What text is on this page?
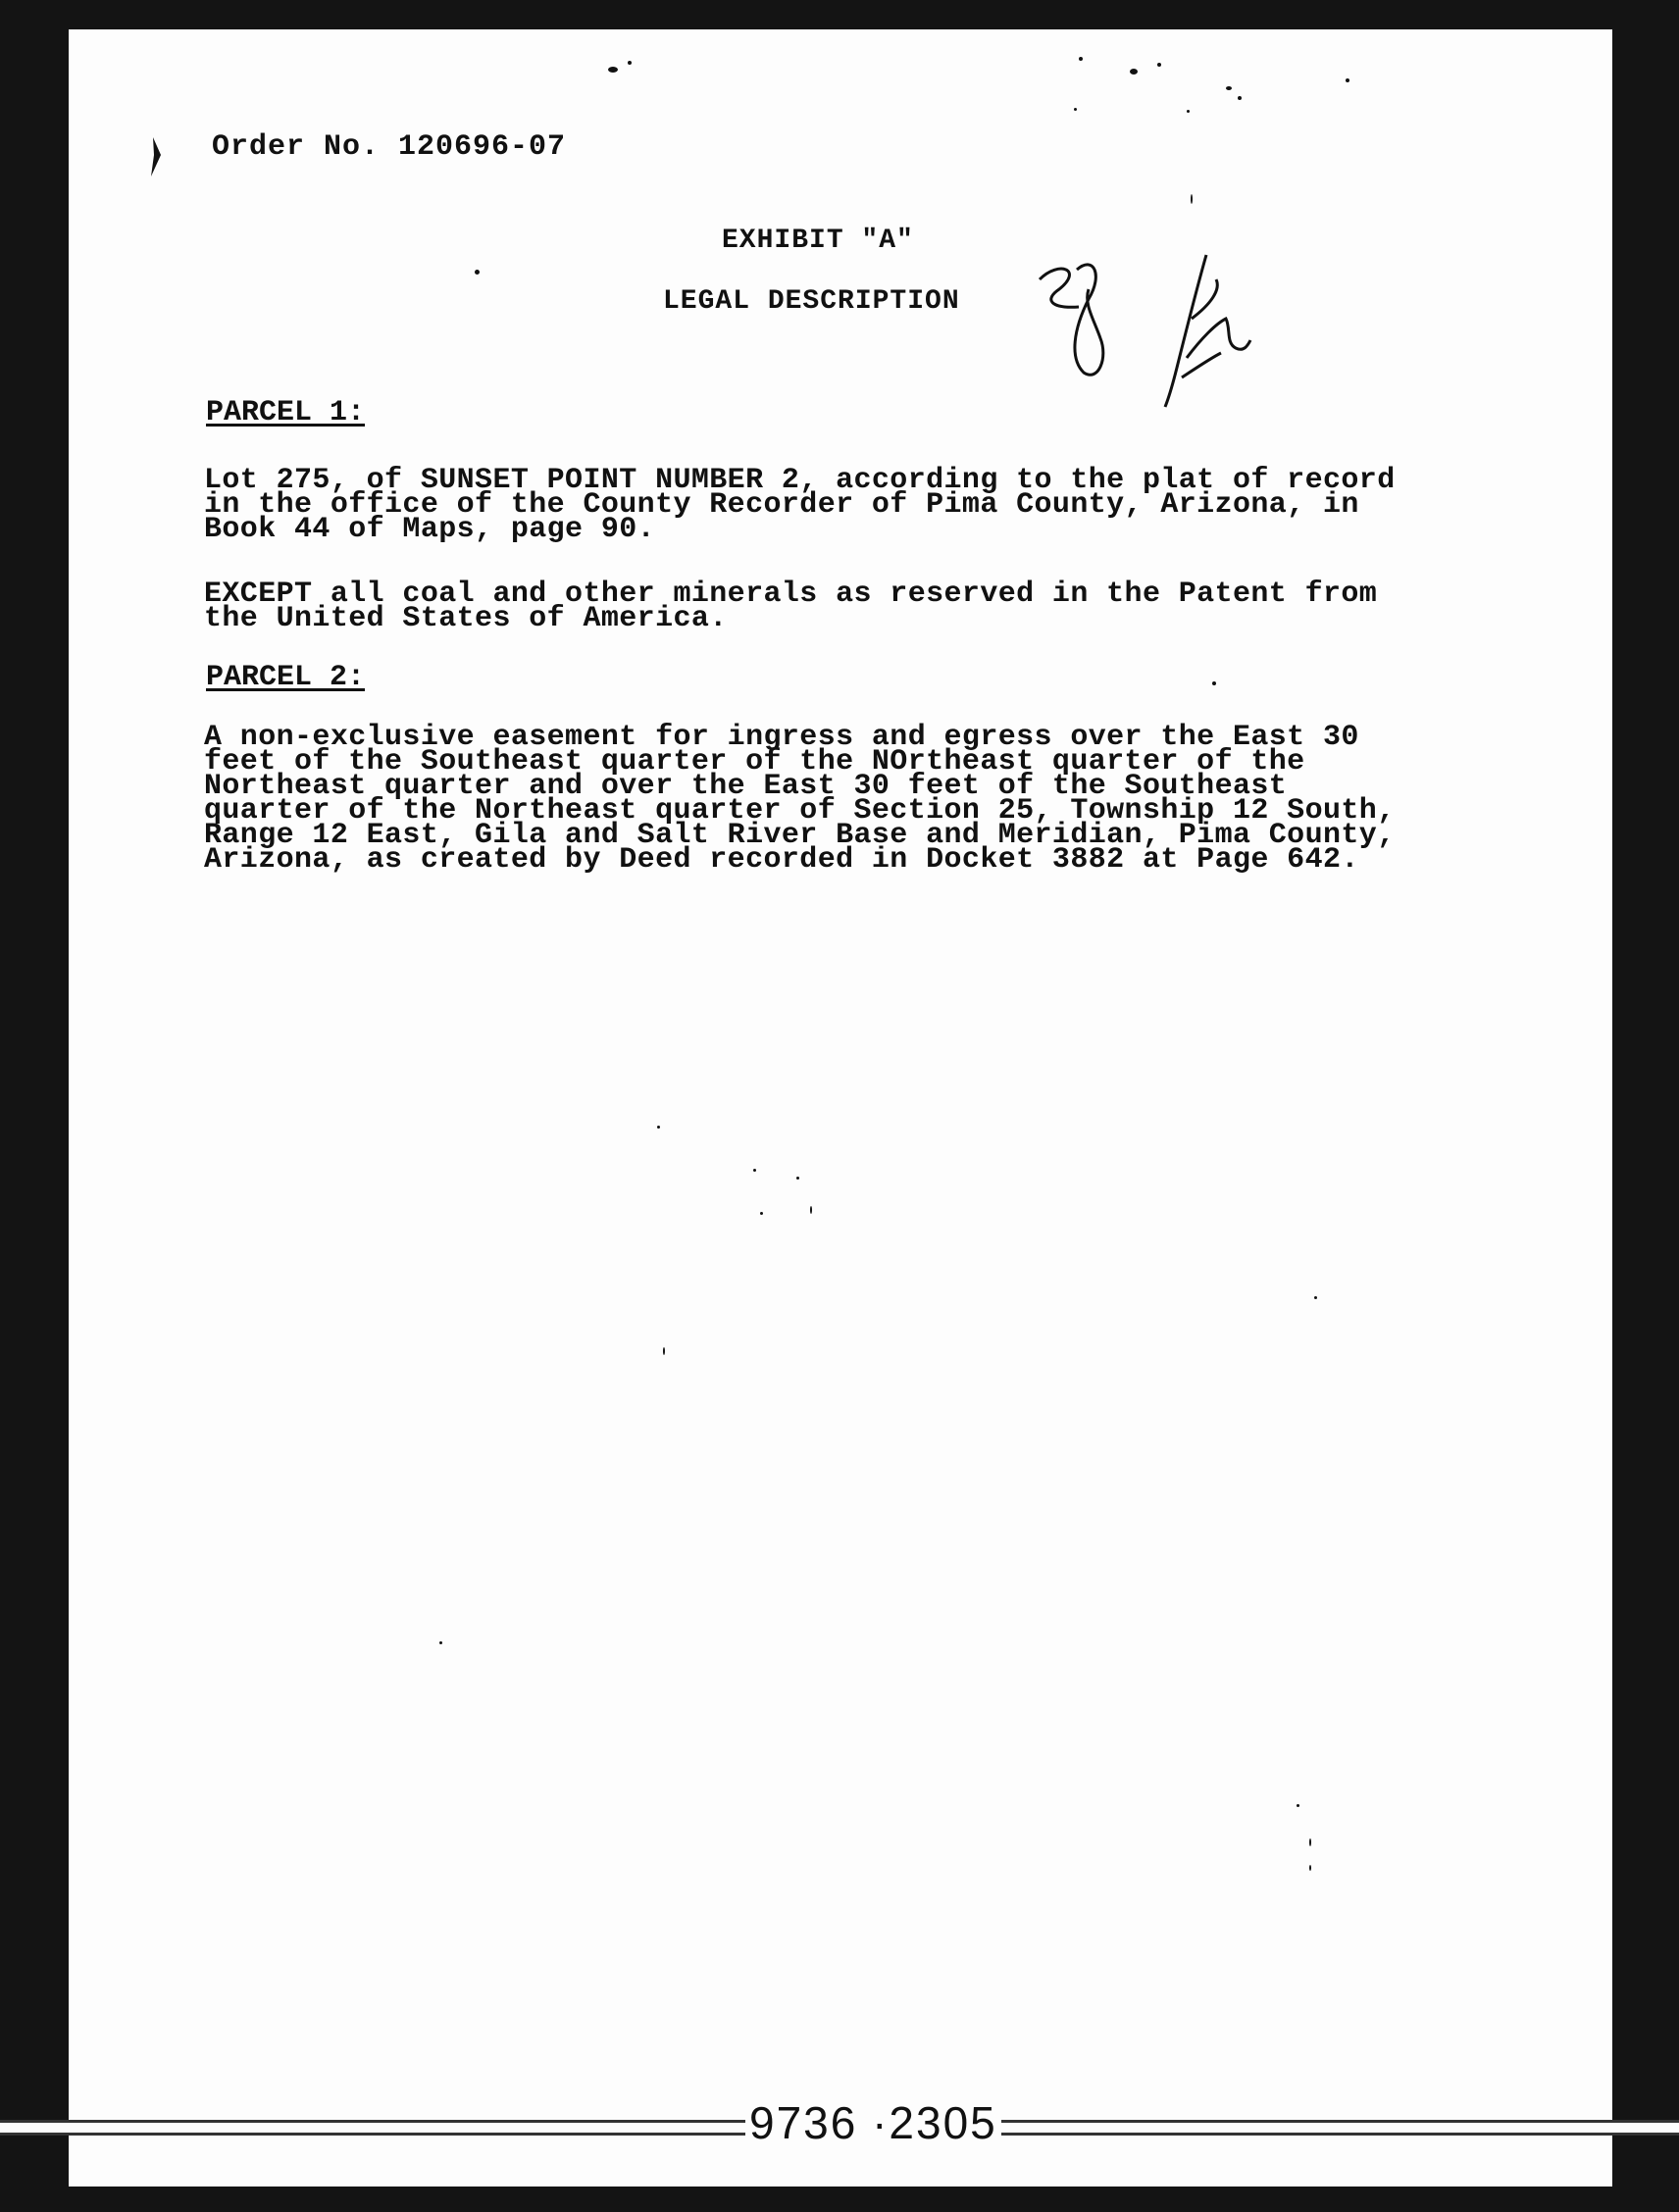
Order No. 120696-07
EXHIBIT "A"
LEGAL DESCRIPTION
PARCEL 1:
Lot 275, of SUNSET POINT NUMBER 2, according to the plat of record
in the office of the County Recorder of Pima County, Arizona, in
Book 44 of Maps, page 90.
EXCEPT all coal and other minerals as reserved in the Patent from
the United States of America.
PARCEL 2:
A non-exclusive easement for ingress and egress over the East 30
feet of the Southeast quarter of the NOrtheast quarter of the
Northeast quarter and over the East 30 feet of the Southeast
quarter of the Northeast quarter of Section 25, Township 12 South,
Range 12 East, Gila and Salt River Base and Meridian, Pima County,
Arizona, as created by Deed recorded in Docket 3882 at Page 642.
9736 ·2305
